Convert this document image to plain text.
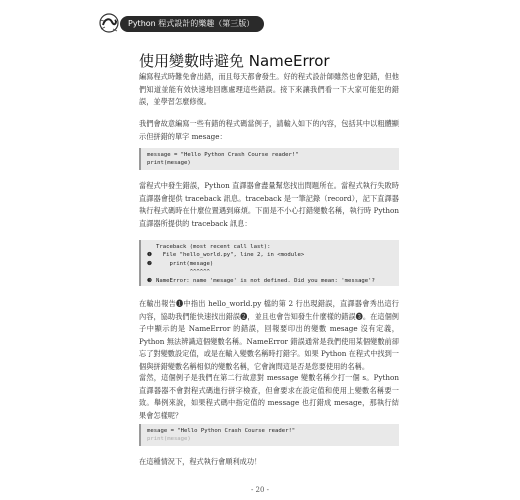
Python 程式設計的樂趣（第三版）
使用變數時避免 NameError
編寫程式時難免會出錯，而且每天都會發生。好的程式設計師雖然也會犯錯，但他們知道並能有效快速地回應處理這些錯誤。接下來讓我們看一下大家可能犯的錯誤，並學習怎麼修復。
我們會故意編寫一些有錯的程式碼當例子，請輸入如下的內容，包括其中以粗體顯示但拼錯的單字 mesage：
message = "Hello Python Crash Course reader!"
print(mesage)
當程式中發生錯誤，Python 直譯器會盡量幫您找出問題所在。當程式執行失敗時直譯器會提供 traceback 訊息。traceback 是一筆記錄（record），記下直譯器執行程式碼時在什麼位置遇到麻煩。下面是不小心打錯變數名稱，執行時 Python 直譯器所提供的 traceback 訊息：
Traceback (most recent call last):
❶ File "hello_world.py", line 2, in <module>
❷	print(mesage)
^^^^^^
❸ NameError: name 'mesage' is not defined. Did you mean: 'message'?
在輸出報告❶中指出 hello_world.py 檔的第 2 行出現錯誤，直譯器會秀出這行內容，協助我們能快速找出錯誤❷，並且也會告知發生什麼樣的錯誤❸。在這個例子中顯示的是 NameError 的錯誤，回報要印出的變數 mesage 沒有定義，Python 無法辨識這個變數名稱。NameError 錯誤通常是我們使用某個變數前卻忘了對變數設定值，或是在輸入變數名稱時打錯字。如果 Python 在程式中找到一個與拼錯變數名稱相似的變數名稱，它會詢問這是否是您要使用的名稱。
當然，這個例子是我們在第二行故意對 message 變數名稱少打一個 s。Python 直譯器器不會對程式碼進行拼字檢查，但會要求在設定值和使用上變數名稱要一致。舉例來說，如果程式碼中指定值的 message 也打錯成 mesage，那執行結果會怎樣呢？
mesage = "Hello Python Crash Course reader!"
print(mesage)
在這種情況下，程式執行會順利成功！
- 20 -
